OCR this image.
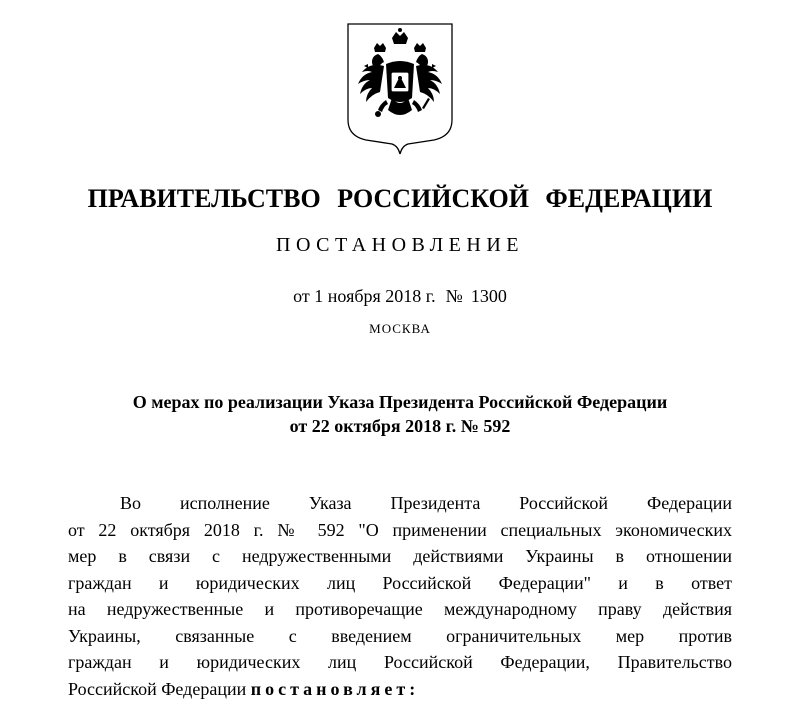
ПРАВИТЕЛЬСТВО РОССИЙСКОЙ ФЕДЕРАЦИИ
ПОСТАНОВЛЕНИЕ
от 1 ноября 2018 г. № 1300
МОСКВА
О мерах по реализации Указа Президента Российской Федерации
от 22 октября 2018 г. № 592
Во исполнение Указа Президента Российской Федерации
от 22 октября 2018 г. № 592 "О применении специальных экономических
мер в связи с недружественными действиями Украины в отношении
граждан и юридических лиц Российской Федерации" и в ответ
на недружественные и противоречащие международному праву действия
Украины, связанные с введением ограничительных мер против
граждан и юридических лиц Российской Федерации, Правительство
Российской Федерации постановляет:
